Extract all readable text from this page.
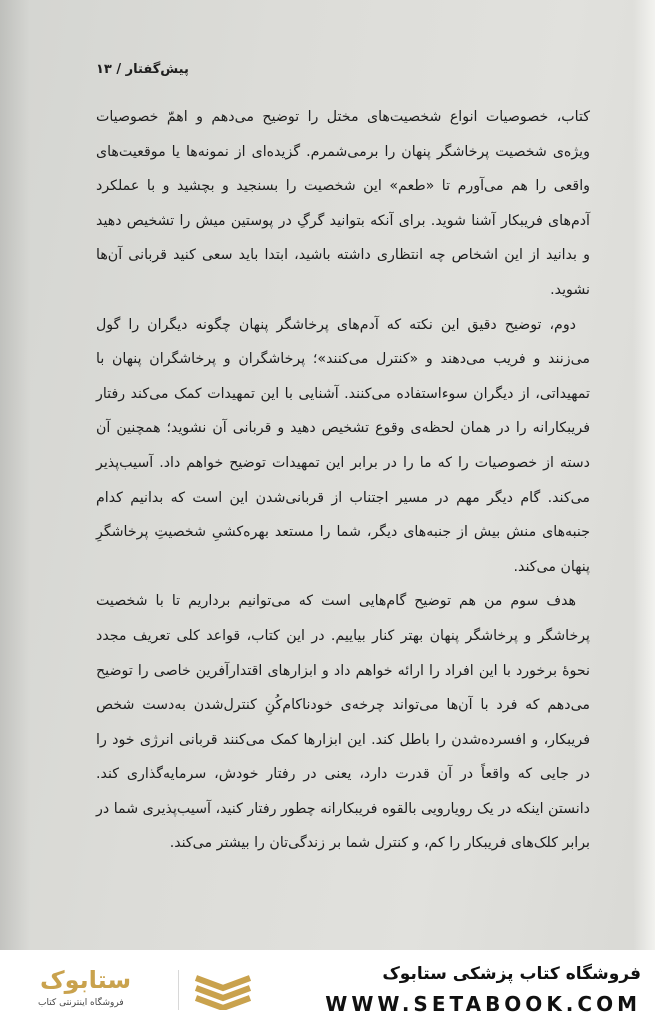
پیش‌گفتار / ۱۳

کتاب، خصوصیات انواع شخصیت‌های مختل را توضیح می‌دهم و اهمّ خصوصیات ویژه‌ی شخصیت پرخاشگر پنهان را برمی‌شمرم. گزیده‌ای از نمونه‌ها یا موقعیت‌های واقعی را هم می‌آورم تا «طعم» این شخصیت را بسنجید و بچشید و با عملکرد آدم‌های فریبکار آشنا شوید. برای آنکه بتوانید گرگِ در پوستین میش را تشخیص دهید و بدانید از این اشخاص چه انتظاری داشته باشید، ابتدا باید سعی کنید قربانی آن‌ها نشوید.

دوم، توضیح دقیق این نکته که آدم‌های پرخاشگر پنهان چگونه دیگران را گول می‌زنند و فریب می‌دهند و «کنترل می‌کنند»؛ پرخاشگران و پرخاشگران پنهان با تمهیداتی، از دیگران سوءاستفاده می‌کنند. آشنایی با این تمهیدات کمک می‌کند رفتار فریبکارانه را در همان لحظه‌ی وقوع تشخیص دهید و قربانی آن نشوید؛ همچنین آن دسته از خصوصیات را که ما را در برابر این تمهیدات توضیح خواهم داد. آسیب‌پذیر می‌کند. گام دیگر مهم در مسیر اجتناب از قربانی‌شدن این است که بدانیم کدام جنبه‌های منش بیش از جنبه‌های دیگر، شما را مستعد بهره‌کشیِ شخصیتِ پرخاشگرِ پنهان می‌کند.

هدف سوم من هم توضیح گام‌هایی است که می‌توانیم برداریم تا با شخصیت پرخاشگر و پرخاشگر پنهان بهتر کنار بیاییم. در این کتاب، قواعد کلی تعریف مجدد نحوهٔ برخورد با این افراد را ارائه خواهم داد و ابزارهای اقتدارآفرین خاصی را توضیح می‌دهم که فرد با آن‌ها می‌تواند چرخه‌ی خودناکام‌کُنِ کنترل‌شدن به‌دست شخص فریبکار، و افسرده‌شدن را باطل کند. این ابزارها کمک می‌کنند قربانی انرژی خود را در جایی که واقعاً در آن قدرت دارد، یعنی در رفتار خودش، سرمایه‌گذاری کند. دانستن اینکه در یک رویارویی بالقوه فریبکارانه چطور رفتار کنید، آسیب‌پذیری شما در برابر کلک‌های فریبکار را کم، و کنترل شما بر زندگی‌تان را بیشتر می‌کند.

ستابوک
فروشگاه اینترنتی کتاب
فروشگاه کتاب پزشکی ستابوک
WWW.SETABOOK.COM
